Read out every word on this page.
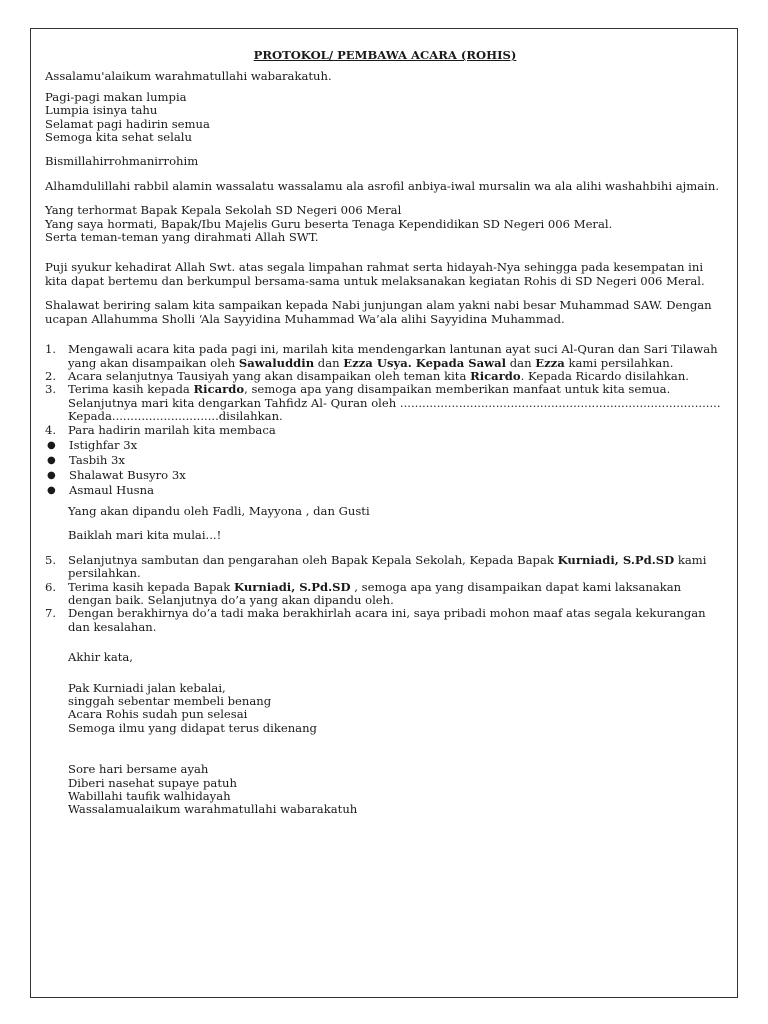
PROTOKOL/ PEMBAWA ACARA (ROHIS)

Assalamu'alaikum warahmatullahi wabarakatuh.

Pagi-pagi makan lumpia

Lumpia isinya tahu

Selamat pagi hadirin semua

Semoga kita sehat selalu

Bismillahirrohmanirrohim

Alhamdulillahi rabbil alamin wassalatu wassalamu ala asrofil anbiya-iwal mursalin wa ala alihi washahbihi ajmain.

Yang terhormat Bapak Kepala Sekolah SD Negeri 006 Meral

Yang saya hormati, Bapak/Ibu Majelis Guru beserta Tenaga Kependidikan SD Negeri 006 Meral.

Serta teman-teman yang dirahmati Allah SWT.

Puji syukur kehadirat Allah Swt. atas segala limpahan rahmat serta hidayah-Nya sehingga pada kesempatan ini kita dapat bertemu dan berkumpul bersama-sama untuk melaksanakan kegiatan Rohis di SD Negeri 006 Meral.

Shalawat beriring salam kita sampaikan kepada Nabi junjungan alam yakni nabi besar Muhammad SAW. Dengan ucapan Allahumma Sholli ‘Ala Sayyidina Muhammad Wa’ala alihi Sayyidina Muhammad.

1. Mengawali acara kita pada pagi ini, marilah kita mendengarkan lantunan ayat suci Al-Quran dan Sari Tilawah yang akan disampaikan oleh Sawaluddin dan Ezza Usya. Kepada Sawal dan Ezza kami persilahkan.
2. Acara selanjutnya Tausiyah yang akan disampaikan oleh teman kita Ricardo. Kepada Ricardo disilahkan.
3. Terima kasih kepada Ricardo, semoga apa yang disampaikan memberikan manfaat untuk kita semua.

Selanjutnya mari kita dengarkan Tahfidz Al- Quran oleh .......................................................................................

Kepada.............................disilahkan.

4. Para hadirin marilah kita membaca
● Istighfar 3x
● Tasbih 3x
● Shalawat Busyro 3x
● Asmaul Husna

Yang akan dipandu oleh Fadli, Mayyona , dan Gusti

Baiklah mari kita mulai...!

5. Selanjutnya sambutan dan pengarahan oleh Bapak Kepala Sekolah, Kepada Bapak Kurniadi, S.Pd.SD kami persilahkan.
6. Terima kasih kepada Bapak Kurniadi, S.Pd.SD , semoga apa yang disampaikan dapat kami laksanakan dengan baik. Selanjutnya do’a yang akan dipandu oleh.
7. Dengan berakhirnya do’a tadi maka berakhirlah acara ini, saya pribadi mohon maaf atas segala kekurangan dan kesalahan.

Akhir kata,

Pak Kurniadi jalan kebalai,

singgah sebentar membeli benang

Acara Rohis sudah pun selesai

Semoga ilmu yang didapat terus dikenang

Sore hari bersame ayah

Diberi nasehat supaye patuh

Wabillahi taufik walhidayah

Wassalamualaikum warahmatullahi wabarakatuh
